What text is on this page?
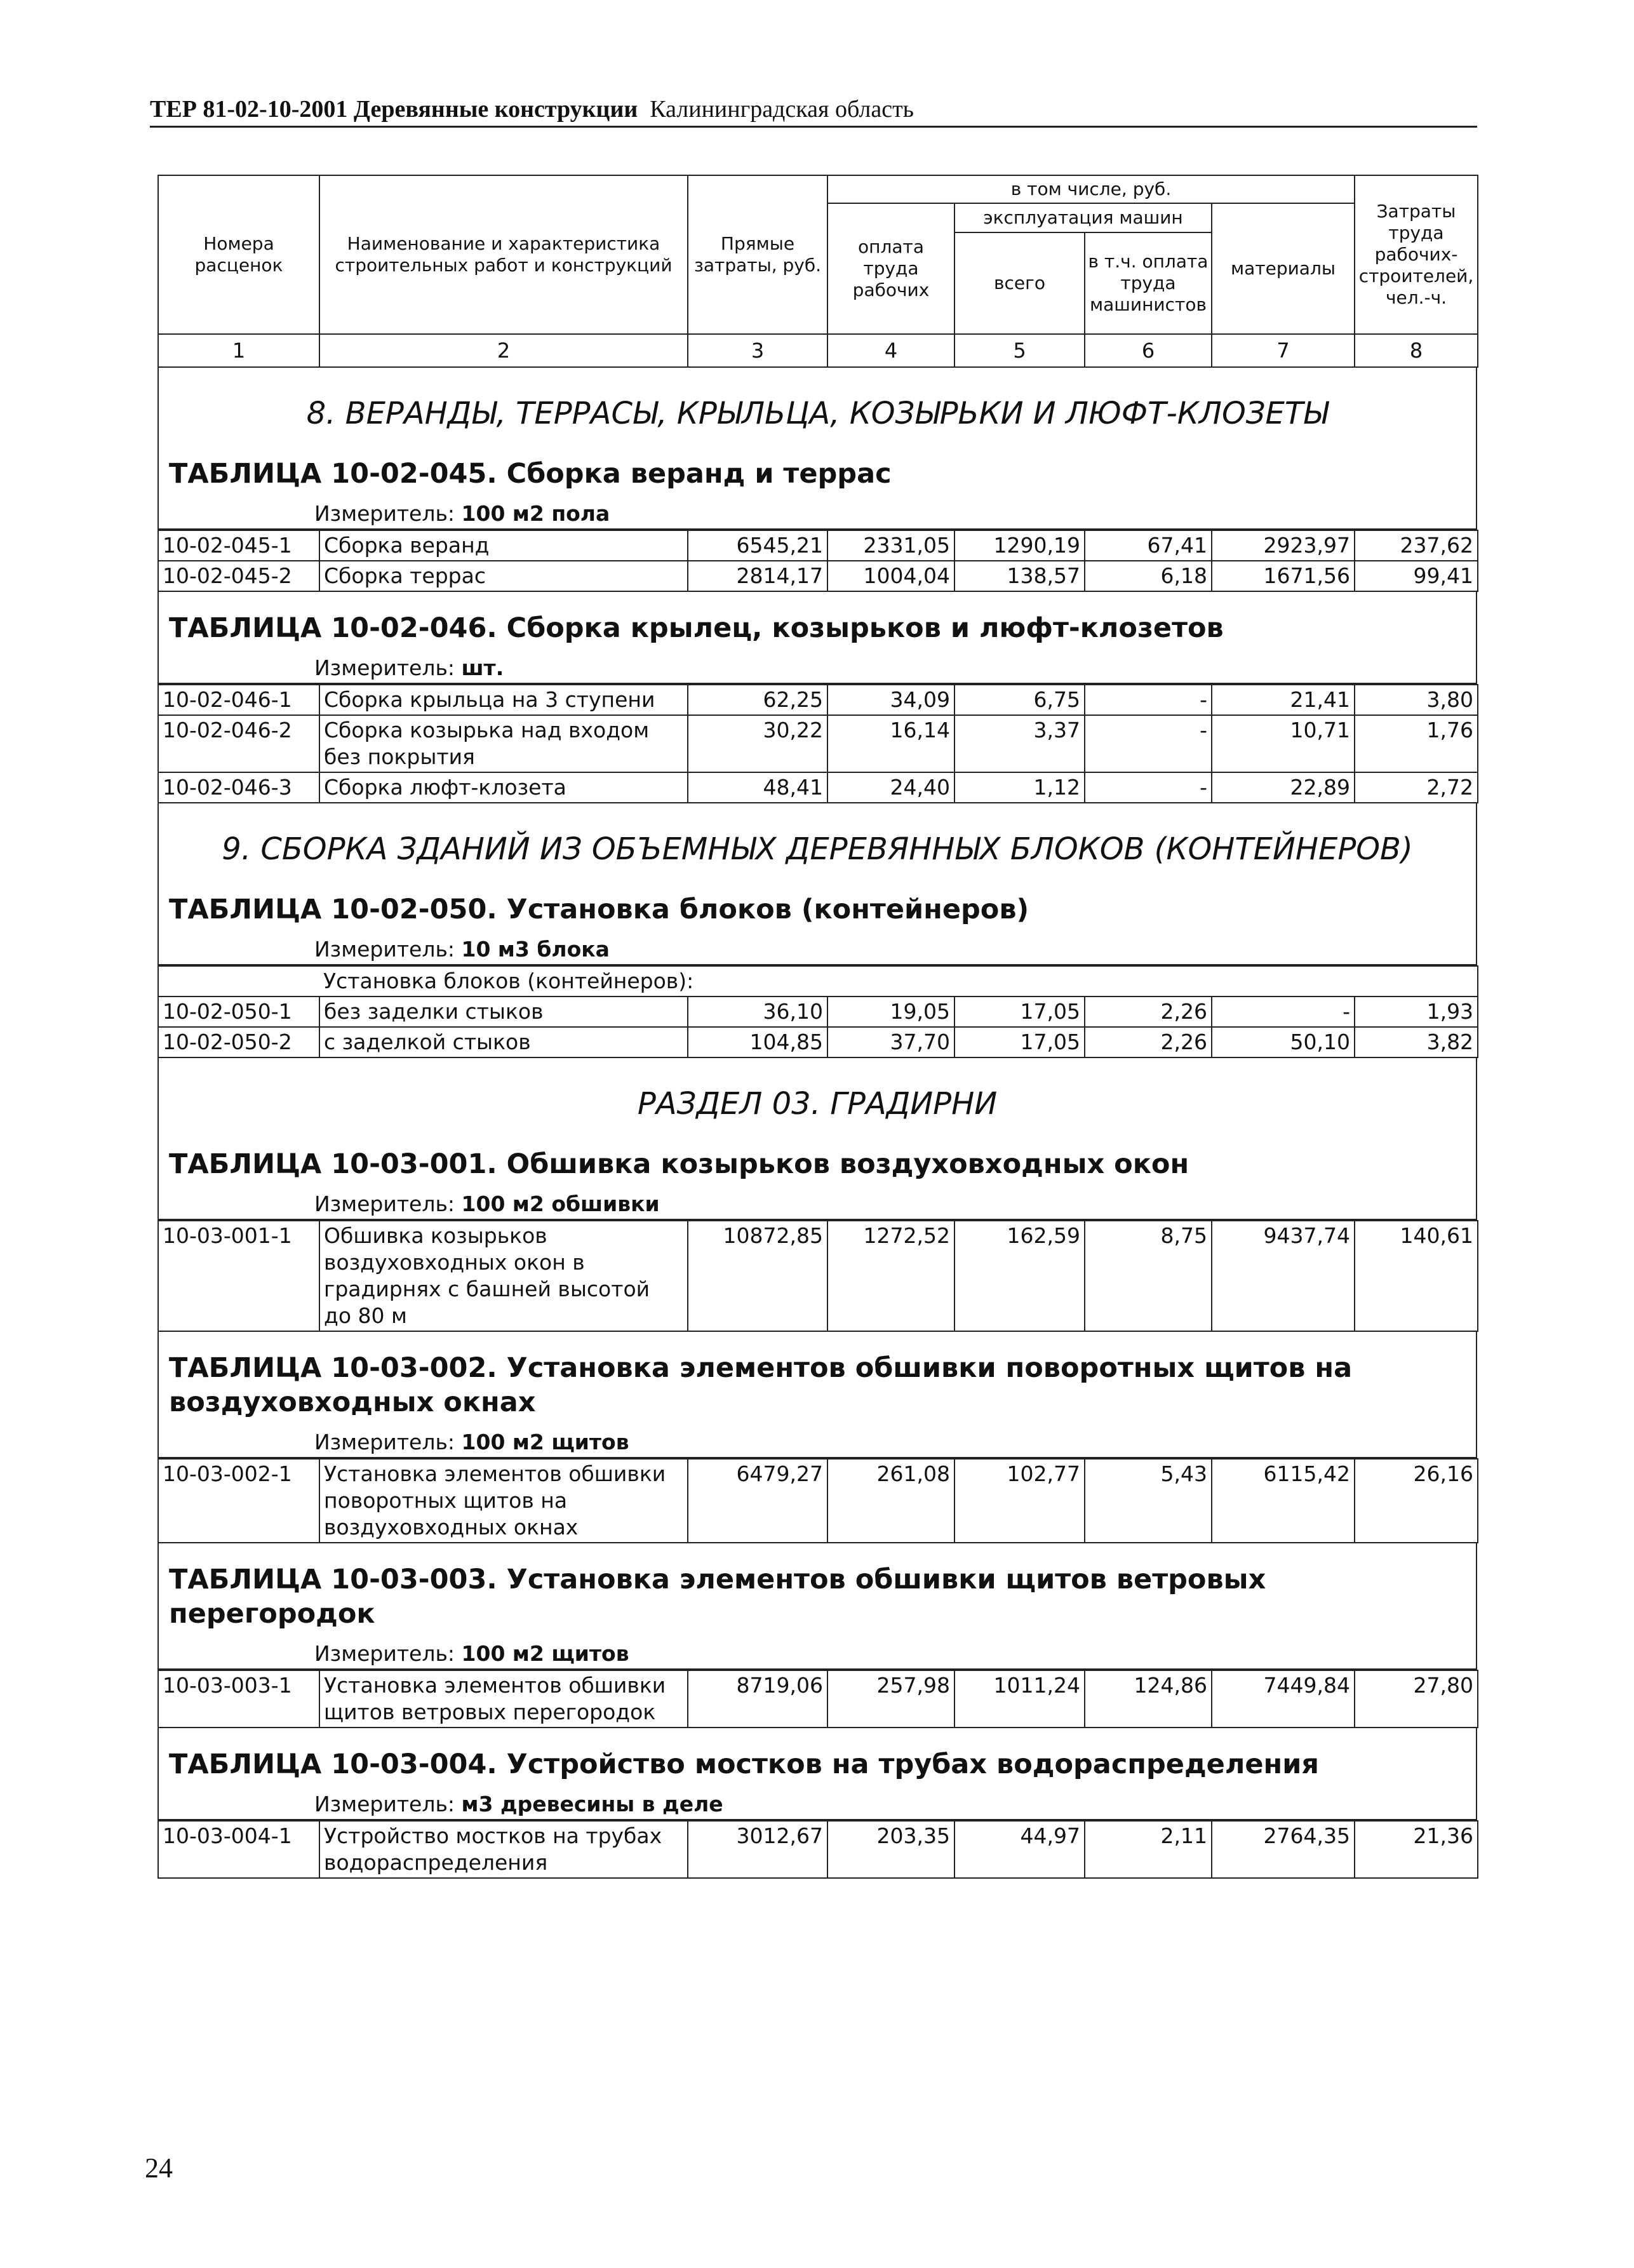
ТЕР 81-02-10-2001 Деревянные конструкции Калининградская область
Номера расценок	Наименование и характеристика строительных работ и конструкций	Прямые затраты, руб.	в том числе, руб.				Затраты труда рабочих-строителей, чел.-ч.
			оплата труда рабочих	эксплуатация машин		материалы	
				всего	в т.ч. оплата труда машинистов		
1	2	3	4	5	6	7	8
8. ВЕРАНДЫ, ТЕРРАСЫ, КРЫЛЬЦА, КОЗЫРЬКИ И ЛЮФТ-КЛОЗЕТЫ
ТАБЛИЦА 10-02-045. Сборка веранд и террас
Измеритель: 100 м2 пола
10-02-045-1	Сборка веранд	6545,21	2331,05	1290,19	67,41	2923,97	237,62
10-02-045-2	Сборка террас	2814,17	1004,04	138,57	6,18	1671,56	99,41
ТАБЛИЦА 10-02-046. Сборка крылец, козырьков и люфт-клозетов
Измеритель: шт.
10-02-046-1	Сборка крыльца на 3 ступени	62,25	34,09	6,75	-	21,41	3,80
10-02-046-2	Сборка козырька над входом без покрытия	30,22	16,14	3,37	-	10,71	1,76
10-02-046-3	Сборка люфт-клозета	48,41	24,40	1,12	-	22,89	2,72
9. СБОРКА ЗДАНИЙ ИЗ ОБЪЕМНЫХ ДЕРЕВЯННЫХ БЛОКОВ (КОНТЕЙНЕРОВ)
ТАБЛИЦА 10-02-050. Установка блоков (контейнеров)
Измеритель: 10 м3 блока
	Установка блоков (контейнеров):						
10-02-050-1	без заделки стыков	36,10	19,05	17,05	2,26	-	1,93
10-02-050-2	с заделкой стыков	104,85	37,70	17,05	2,26	50,10	3,82
РАЗДЕЛ 03. ГРАДИРНИ
ТАБЛИЦА 10-03-001. Обшивка козырьков воздуховходных окон
Измеритель: 100 м2 обшивки
10-03-001-1	Обшивка козырьков воздуховходных окон в градирнях с башней высотой до 80 м	10872,85	1272,52	162,59	8,75	9437,74	140,61
ТАБЛИЦА 10-03-002. Установка элементов обшивки поворотных щитов на воздуховходных окнах
Измеритель: 100 м2 щитов
10-03-002-1	Установка элементов обшивки поворотных щитов на воздуховходных окнах	6479,27	261,08	102,77	5,43	6115,42	26,16
ТАБЛИЦА 10-03-003. Установка элементов обшивки щитов ветровых перегородок
Измеритель: 100 м2 щитов
10-03-003-1	Установка элементов обшивки щитов ветровых перегородок	8719,06	257,98	1011,24	124,86	7449,84	27,80
ТАБЛИЦА 10-03-004. Устройство мостков на трубах водораспределения
Измеритель: м3 древесины в деле
10-03-004-1	Устройство мостков на трубах водораспределения	3012,67	203,35	44,97	2,11	2764,35	21,36
24
